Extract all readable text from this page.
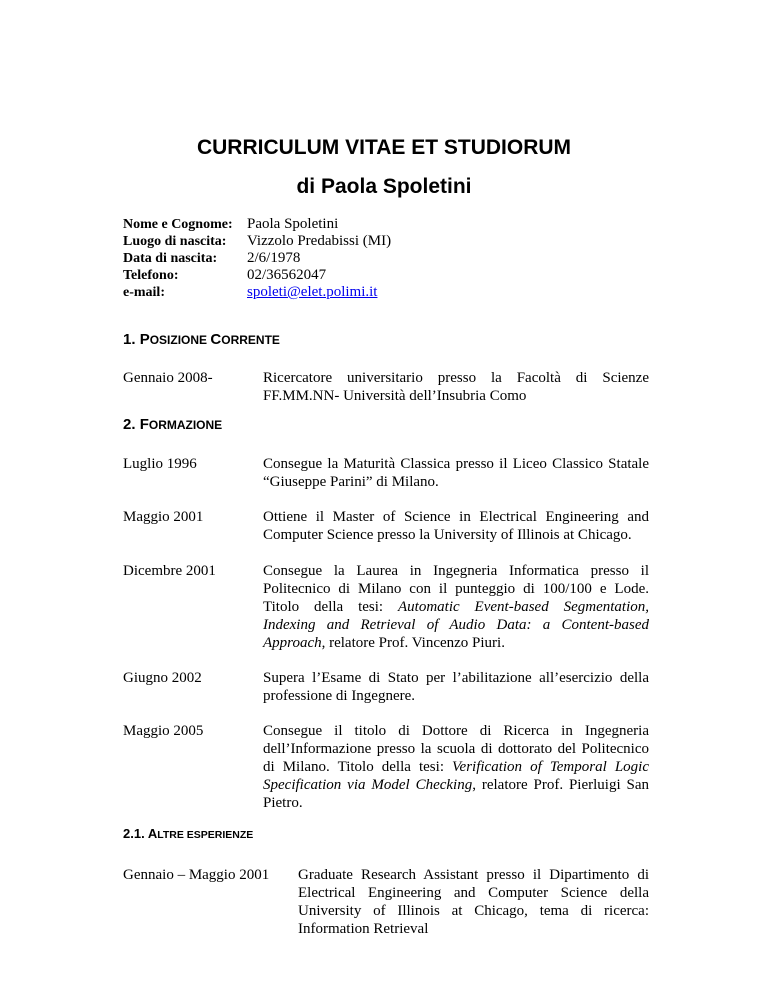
CURRICULUM VITAE ET STUDIORUM
di Paola Spoletini
Nome e Cognome: Paola Spoletini
Luogo di nascita: Vizzolo Predabissi (MI)
Data di nascita: 2/6/1978
Telefono:	02/36562047
e-mail:	spoleti@elet.polimi.it
1. POSIZIONE CORRENTE
Gennaio 2008-	Ricercatore universitario presso la Facoltà di Scienze FF.MM.NN- Università dell’Insubria Como
2. FORMAZIONE
Luglio 1996	Consegue la Maturità Classica presso il Liceo Classico Statale “Giuseppe Parini” di Milano.
Maggio 2001	Ottiene il Master of Science in Electrical Engineering and Computer Science presso la University of Illinois at Chicago.
Dicembre 2001	Consegue la Laurea in Ingegneria Informatica presso il Politecnico di Milano con il punteggio di 100/100 e Lode. Titolo della tesi: Automatic Event-based Segmentation, Indexing and Retrieval of Audio Data: a Content-based Approach, relatore Prof. Vincenzo Piuri.
Giugno 2002	Supera l’Esame di Stato per l’abilitazione all’esercizio della professione di Ingegnere.
Maggio 2005	Consegue il titolo di Dottore di Ricerca in Ingegneria dell’Informazione presso la scuola di dottorato del Politecnico di Milano. Titolo della tesi: Verification of Temporal Logic Specification via Model Checking, relatore Prof. Pierluigi San Pietro.
2.1. ALTRE ESPERIENZE
Gennaio – Maggio 2001 Graduate Research Assistant presso il Dipartimento di Electrical Engineering and Computer Science della University of Illinois at Chicago, tema di ricerca: Information Retrieval
